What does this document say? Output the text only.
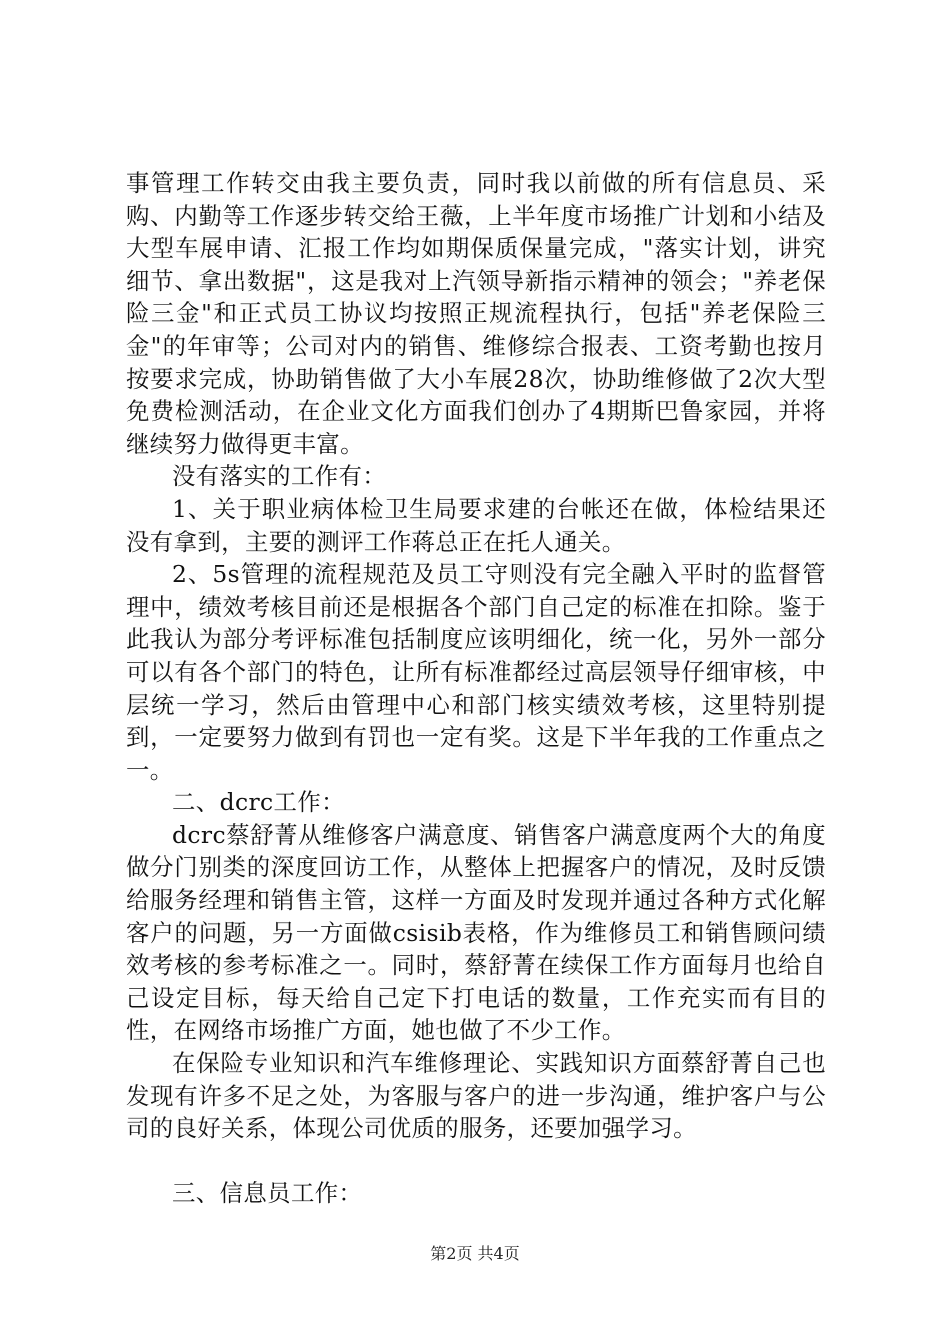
事管理工作转交由我主要负责，同时我以前做的所有信息员、采购、内勤等工作逐步转交给王薇，上半年度市场推广计划和小结及大型车展申请、汇报工作均如期保质保量完成，"落实计划，讲究细节、拿出数据"，这是我对上汽领导新指示精神的领会；"养老保险三金"和正式员工协议均按照正规流程执行，包括"养老保险三金"的年审等；公司对内的销售、维修综合报表、工资考勤也按月按要求完成，协助销售做了大小车展28次，协助维修做了2次大型免费检测活动，在企业文化方面我们创办了4期斯巴鲁家园，并将继续努力做得更丰富。

没有落实的工作有：

1、关于职业病体检卫生局要求建的台帐还在做，体检结果还没有拿到，主要的测评工作蒋总正在托人通关。

2、5s管理的流程规范及员工守则没有完全融入平时的监督管理中，绩效考核目前还是根据各个部门自己定的标准在扣除。鉴于此我认为部分考评标准包括制度应该明细化，统一化，另外一部分可以有各个部门的特色，让所有标准都经过高层领导仔细审核，中层统一学习，然后由管理中心和部门核实绩效考核，这里特别提到，一定要努力做到有罚也一定有奖。这是下半年我的工作重点之一。

二、dcrc工作：

dcrc蔡舒菁从维修客户满意度、销售客户满意度两个大的角度做分门别类的深度回访工作，从整体上把握客户的情况，及时反馈给服务经理和销售主管，这样一方面及时发现并通过各种方式化解客户的问题，另一方面做csisib表格，作为维修员工和销售顾问绩效考核的参考标准之一。同时，蔡舒菁在续保工作方面每月也给自己设定目标，每天给自己定下打电话的数量，工作充实而有目的性，在网络市场推广方面，她也做了不少工作。

在保险专业知识和汽车维修理论、实践知识方面蔡舒菁自己也发现有许多不足之处，为客服与客户的进一步沟通，维护客户与公司的良好关系，体现公司优质的服务，还要加强学习。

三、信息员工作：

第2页 共4页
